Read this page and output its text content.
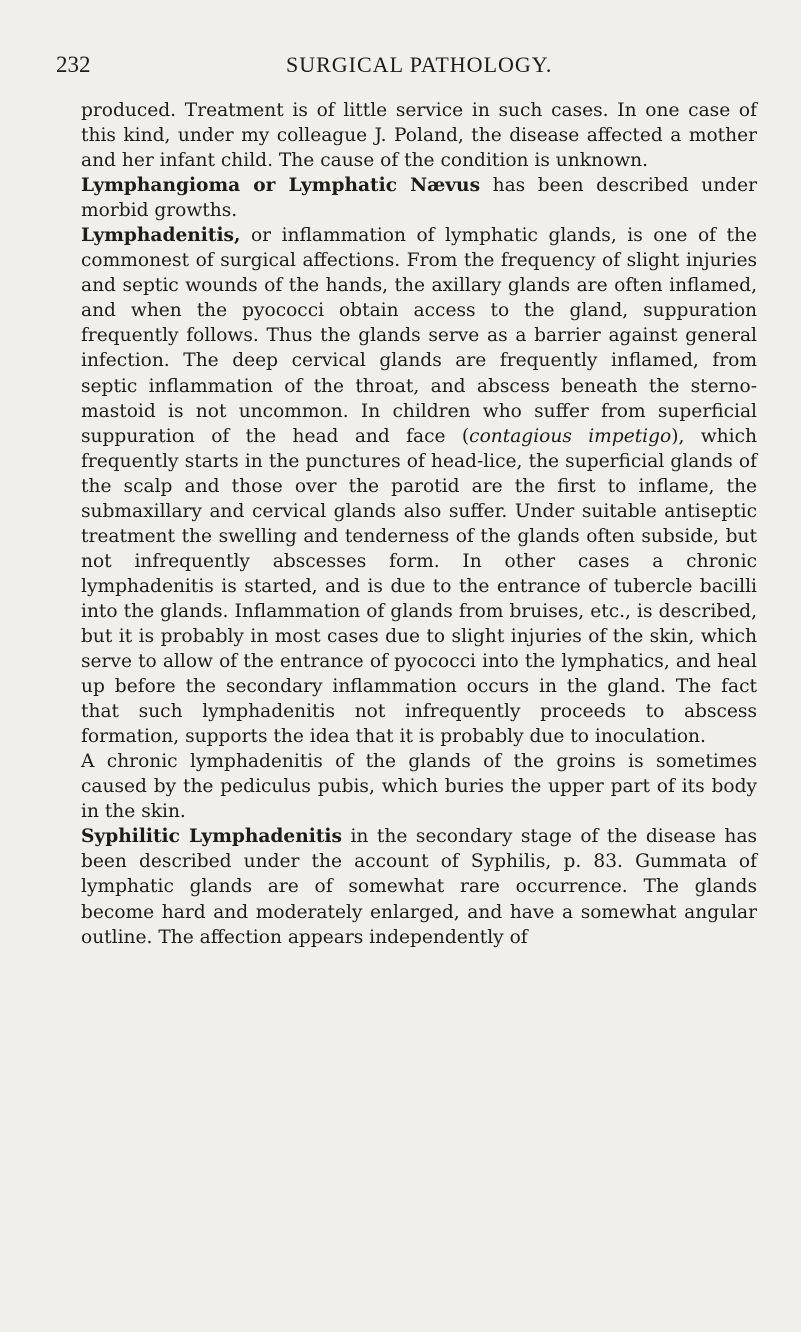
232	SURGICAL PATHOLOGY.

produced. Treatment is of little service in such cases. In one case of this kind, under my colleague J. Poland, the disease affected a mother and her infant child. The cause of the condition is unknown.

Lymphangioma or Lymphatic Nævus has been described under morbid growths.

Lymphadenitis, or inflammation of lymphatic glands, is one of the commonest of surgical affections. From the frequency of slight injuries and septic wounds of the hands, the axillary glands are often inflamed, and when the pyococci obtain access to the gland, suppuration frequently follows. Thus the glands serve as a barrier against general infection. The deep cervical glands are frequently inflamed, from septic inflammation of the throat, and abscess beneath the sterno-mastoid is not uncommon. In children who suffer from superficial suppuration of the head and face (contagious impetigo), which frequently starts in the punctures of head-lice, the superficial glands of the scalp and those over the parotid are the first to inflame, the submaxillary and cervical glands also suffer. Under suitable antiseptic treatment the swelling and tenderness of the glands often subside, but not infrequently abscesses form. In other cases a chronic lymphadenitis is started, and is due to the entrance of tubercle bacilli into the glands. Inflammation of glands from bruises, etc., is described, but it is probably in most cases due to slight injuries of the skin, which serve to allow of the entrance of pyococci into the lymphatics, and heal up before the secondary inflammation occurs in the gland. The fact that such lymphadenitis not infrequently proceeds to abscess formation, supports the idea that it is probably due to inoculation.

A chronic lymphadenitis of the glands of the groins is sometimes caused by the pediculus pubis, which buries the upper part of its body in the skin.

Syphilitic Lymphadenitis in the secondary stage of the disease has been described under the account of Syphilis, p. 83. Gummata of lymphatic glands are of somewhat rare occurrence. The glands become hard and moderately enlarged, and have a somewhat angular outline. The affection appears independently of
